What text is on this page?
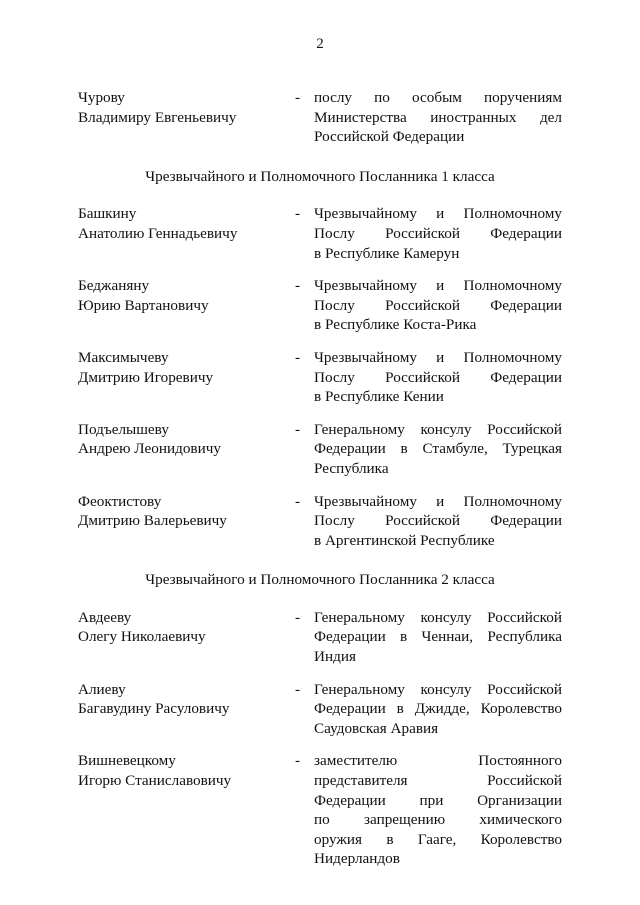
2
Чурову
Владимиру Евгеньевичу
- послу по особым поручениям
Министерства иностранных дел
Российской Федерации
Чрезвычайного и Полномочного Посланника 1 класса
Башкину
Анатолию Геннадьевичу
- Чрезвычайному и Полномочному
Послу Российской Федерации
в Республике Камерун
Беджаняну
Юрию Вартановичу
- Чрезвычайному и Полномочному
Послу Российской Федерации
в Республике Коста-Рика
Максимычеву
Дмитрию Игоревичу
- Чрезвычайному и Полномочному
Послу Российской Федерации
в Республике Кении
Подъелышеву
Андрею Леонидовичу
- Генеральному консулу Российской
Федерации в Стамбуле, Турецкая
Республика
Феоктистову
Дмитрию Валерьевичу
- Чрезвычайному и Полномочному
Послу Российской Федерации
в Аргентинской Республике
Чрезвычайного и Полномочного Посланника 2 класса
Авдееву
Олегу Николаевичу
- Генеральному консулу Российской
Федерации в Ченнаи, Республика
Индия
Алиеву
Багавудину Расуловичу
- Генеральному консулу Российской
Федерации в Джидде, Королевство
Саудовская Аравия
Вишневецкому
Игорю Станиславовичу
- заместителю Постоянного
представителя Российской
Федерации при Организации
по запрещению химического
оружия в Гааге, Королевство
Нидерландов
